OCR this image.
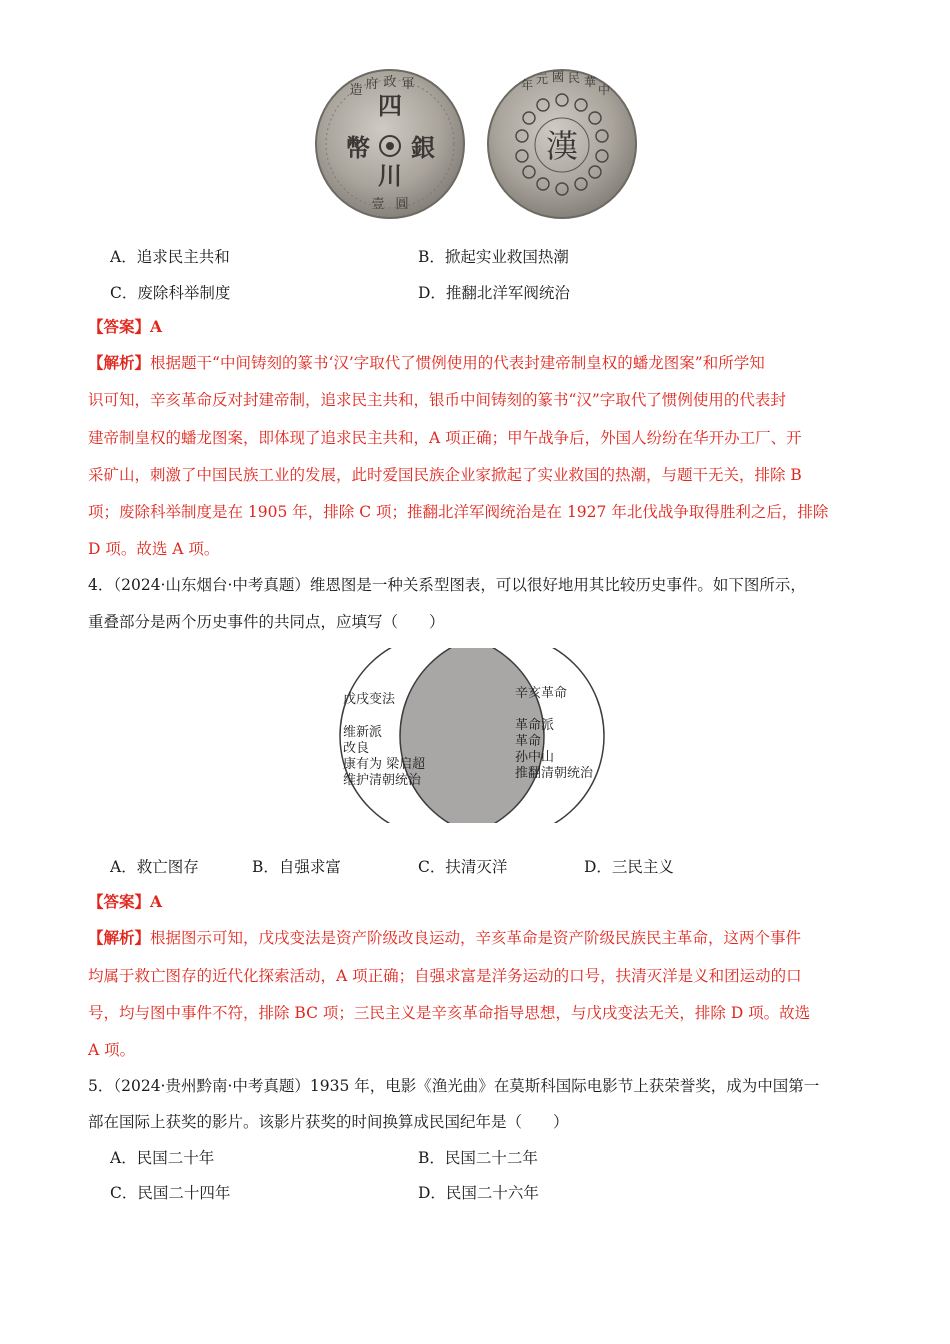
四
幣 銀
川
壹 圓
軍
政
府
造
漢
中
華
民
國
元
年
A．追求民主共和	B．掀起实业救国热潮
C．废除科举制度	D．推翻北洋军阀统治
【答案】A
【解析】根据题干“中间铸刻的篆书‘汉’字取代了惯例使用的代表封建帝制皇权的蟠龙图案”和所学知
识可知，辛亥革命反对封建帝制，追求民主共和，银币中间铸刻的篆书“汉”字取代了惯例使用的代表封
建帝制皇权的蟠龙图案，即体现了追求民主共和，A 项正确；甲午战争后，外国人纷纷在华开办工厂、开
采矿山，刺激了中国民族工业的发展，此时爱国民族企业家掀起了实业救国的热潮，与题干无关，排除 B
项；废除科举制度是在 1905 年，排除 C 项；推翻北洋军阀统治是在 1927 年北伐战争取得胜利之后，排除
D 项。故选 A 项。
4．（2024·山东烟台·中考真题）维恩图是一种关系型图表，可以很好地用其比较历史事件。如下图所示，
重叠部分是两个历史事件的共同点，应填写（　　）
戊戌变法
维新派
改良
康有为 梁启超
维护清朝统治
辛亥革命
革命派
革命
孙中山
推翻清朝统治
A．救亡图存	B．自强求富	C．扶清灭洋	D．三民主义
【答案】A
【解析】根据图示可知，戊戌变法是资产阶级改良运动，辛亥革命是资产阶级民族民主革命，这两个事件
均属于救亡图存的近代化探索活动，A 项正确；自强求富是洋务运动的口号，扶清灭洋是义和团运动的口
号，均与图中事件不符，排除 BC 项；三民主义是辛亥革命指导思想，与戊戌变法无关，排除 D 项。故选
A 项。
5．（2024·贵州黔南·中考真题）1935 年，电影《渔光曲》在莫斯科国际电影节上获荣誉奖，成为中国第一
部在国际上获奖的影片。该影片获奖的时间换算成民国纪年是（　　）
A．民国二十年	B．民国二十二年
C．民国二十四年	D．民国二十六年
